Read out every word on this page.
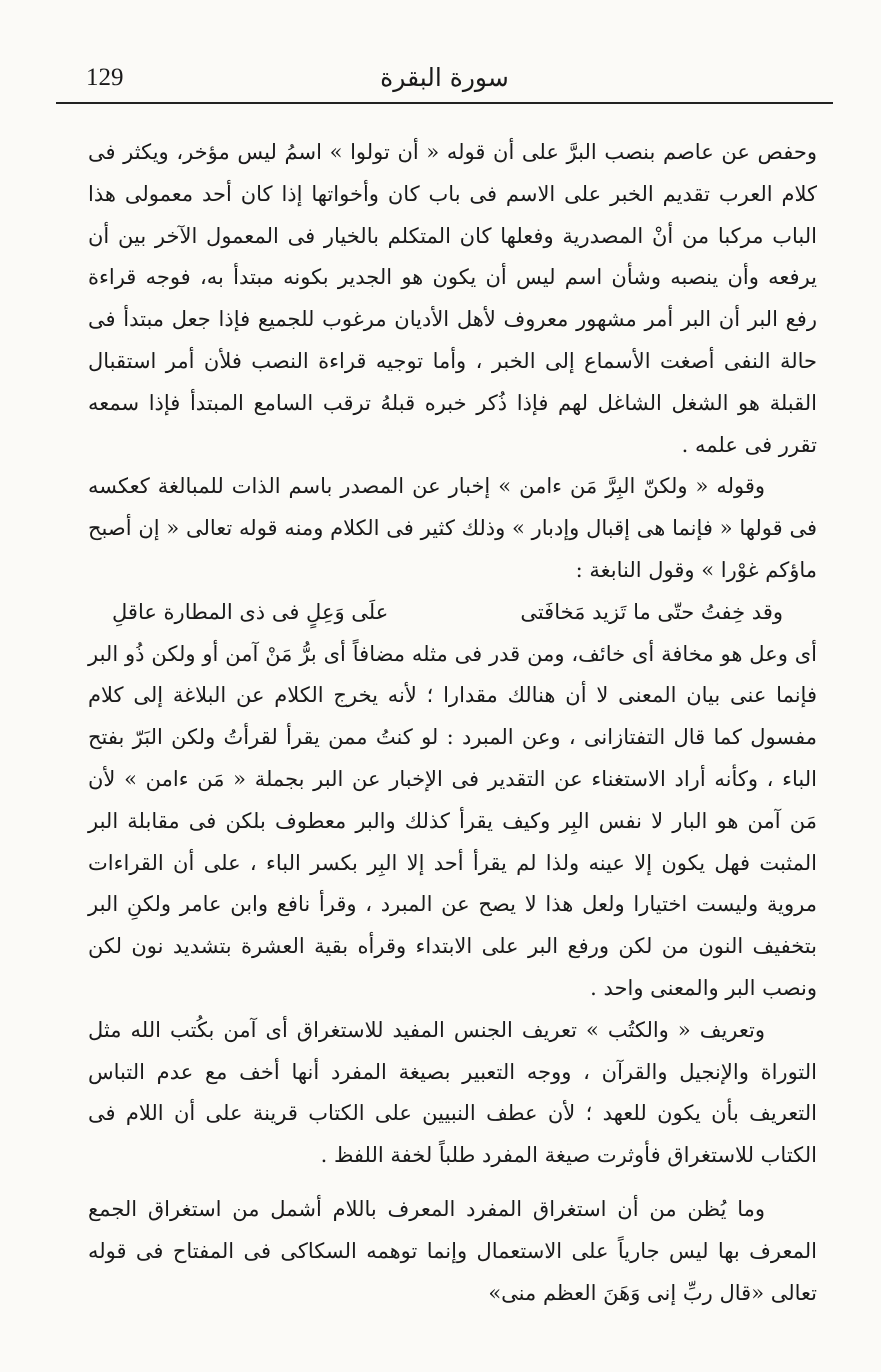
129	سورة البقرة

وحفص عن عاصم بنصب البرَّ على أن قوله « أن تولوا » اسمُ ليس مؤخر، ويكثر فى كلام العرب تقديم الخبر على الاسم فى باب كان وأخواتها إذا كان أحد معمولى هذا الباب مركبا من أنْ المصدرية وفعلها كان المتكلم بالخيار فى المعمول الآخر بين أن يرفعه وأن ينصبه وشأن اسم ليس أن يكون هو الجدير بكونه مبتدأ به، فوجه قراءة رفع البر أن البر أمر مشهور معروف لأهل الأديان مرغوب للجميع فإذا جعل مبتدأ فى حالة النفى أصغت الأسماع إلى الخبر ، وأما توجيه قراءة النصب فلأن أمر استقبال القبلة هو الشغل الشاغل لهم فإذا ذُكر خبره قبلهُ ترقب السامع المبتدأ فإذا سمعه تقرر فى علمه .

وقوله « ولكنّ البِرَّ مَن ءامن » إخبار عن المصدر باسم الذات للمبالغة كعكسه فى قولها « فإنما هى إقبال وإدبار » وذلك كثير فى الكلام ومنه قوله تعالى « إن أصبح ماؤكم غوْرا » وقول النابغة :

وقد خِفتُ حتّى ما تَزيد مَخافَتى
علَى وَعِلٍ فى ذى المطارة عاقلِ

أى وعل هو مخافة أى خائف، ومن قدر فى مثله مضافاً أى برُّ مَنْ آمن أو ولكن ذُو البر فإنما عنى بيان المعنى لا أن هنالك مقدارا ؛ لأنه يخرج الكلام عن البلاغة إلى كلام مفسول كما قال التفتازانى ، وعن المبرد : لو كنتُ ممن يقرأ لقرأتُ ولكن البَرّ بفتح الباء ، وكأنه أراد الاستغناء عن التقدير فى الإخبار عن البر بجملة « مَن ءامن » لأن مَن آمن هو البار لا نفس البِر وكيف يقرأ كذلك والبر معطوف بلكن فى مقابلة البر المثبت فهل يكون إلا عينه ولذا لم يقرأ أحد إلا البِر بكسر الباء ، على أن القراءات مروية وليست اختيارا ولعل هذا لا يصح عن المبرد ، وقرأ نافع وابن عامر ولكنِ البر بتخفيف النون من لكن ورفع البر على الابتداء وقرأه بقية العشرة بتشديد نون لكن ونصب البر والمعنى واحد .

وتعريف « والكتُب » تعريف الجنس المفيد للاستغراق أى آمن بكُتب الله مثل التوراة والإنجيل والقرآن ، ووجه التعبير بصيغة المفرد أنها أخف مع عدم التباس التعريف بأن يكون للعهد ؛ لأن عطف النبيين على الكتاب قرينة على أن اللام فى الكتاب للاستغراق فأوثرت صيغة المفرد طلباً لخفة اللفظ .

وما يُظن من أن استغراق المفرد المعرف باللام أشمل من استغراق الجمع المعرف بها ليس جارياً على الاستعمال وإنما توهمه السكاكى فى المفتاح فى قوله تعالى «قال ربِّ إنى وَهَنَ العظم منى»
